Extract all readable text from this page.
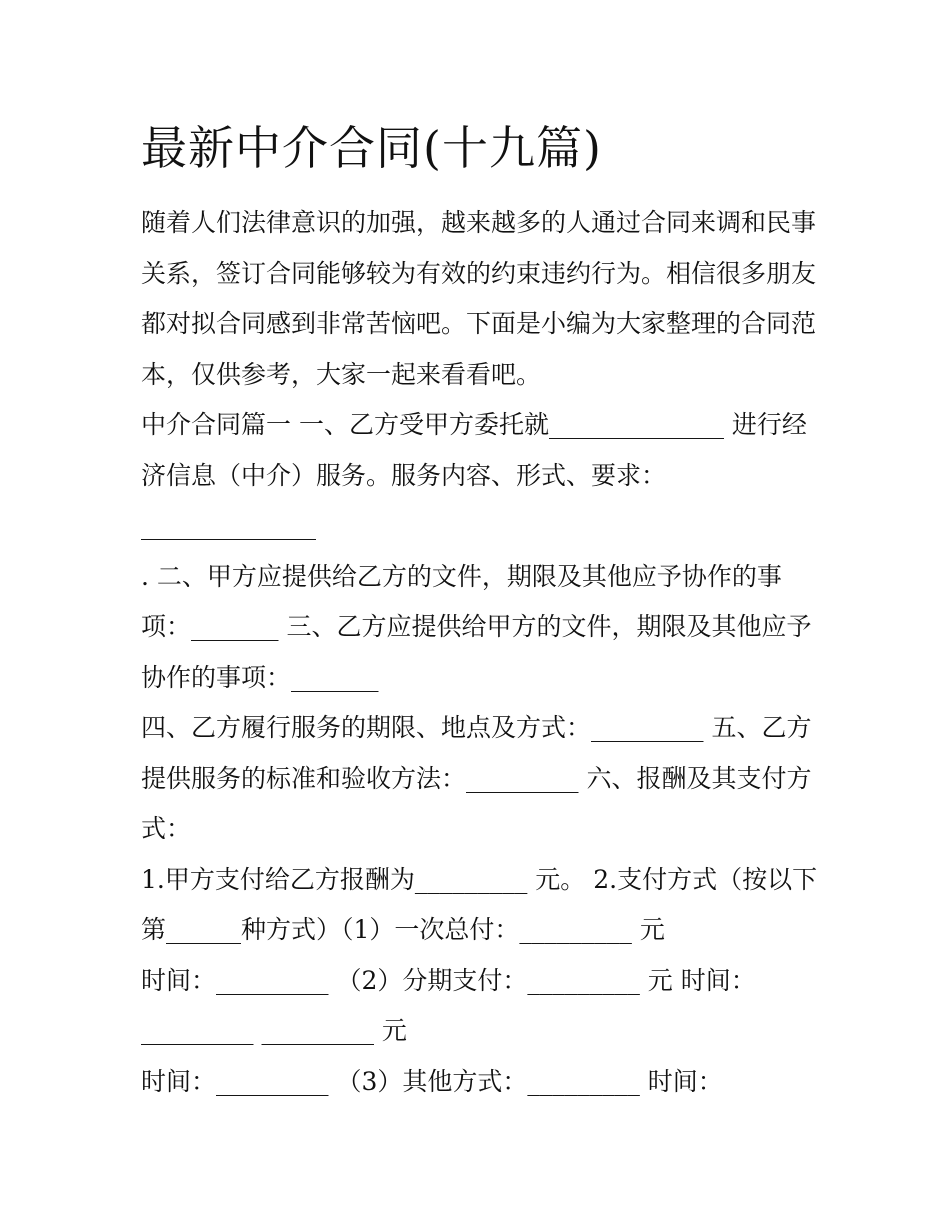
最新中介合同(十九篇)
随着人们法律意识的加强，越来越多的人通过合同来调和民事
关系，签订合同能够较为有效的约束违约行为。相信很多朋友
都对拟合同感到非常苦恼吧。下面是小编为大家整理的合同范
本，仅供参考，大家一起来看看吧。
中介合同篇一 一、乙方受甲方委托就______________ 进行经
济信息（中介）服务。服务内容、形式、要求：
______________
. 二、甲方应提供给乙方的文件，期限及其他应予协作的事
项：_______ 三、乙方应提供给甲方的文件，期限及其他应予
协作的事项：_______
四、乙方履行服务的期限、地点及方式：_________ 五、乙方
提供服务的标准和验收方法：_________ 六、报酬及其支付方
式：
1.甲方支付给乙方报酬为_________ 元。 2.支付方式（按以下
第______种方式）（1）一次总付：_________ 元
时间：_________ （2）分期支付：_________ 元 时间：
_________ _________ 元
时间：_________ （3）其他方式：_________ 时间：
